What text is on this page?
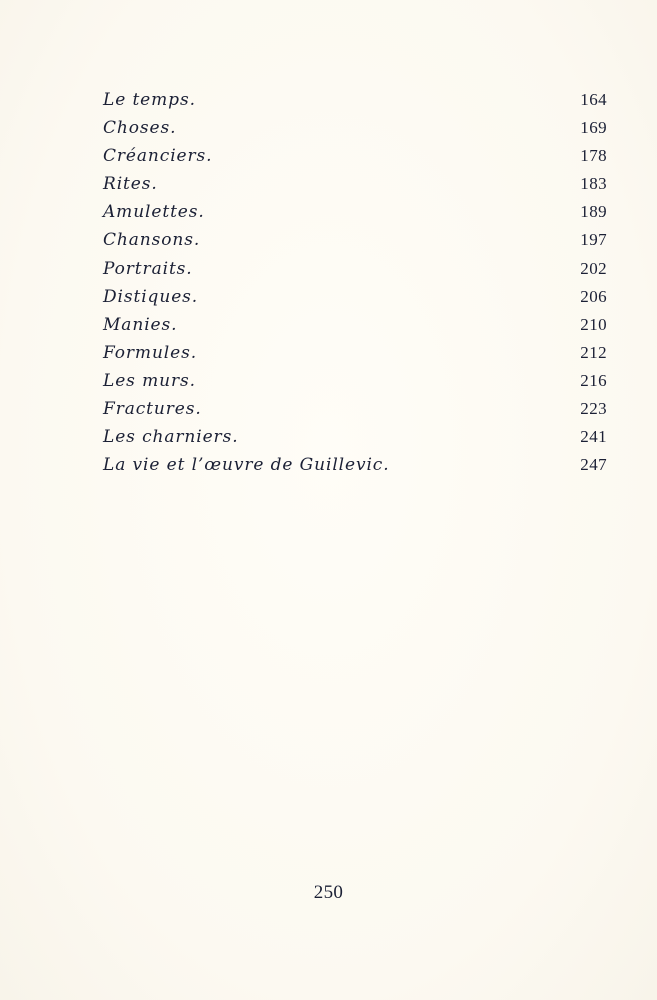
Le temps.	164
Choses.	169
Créanciers.	178
Rites.	183
Amulettes.	189
Chansons.	197
Portraits.	202
Distiques.	206
Manies.	210
Formules.	212
Les murs.	216
Fractures.	223
Les charniers.	241
La vie et l’œuvre de Guillevic.	247
250
